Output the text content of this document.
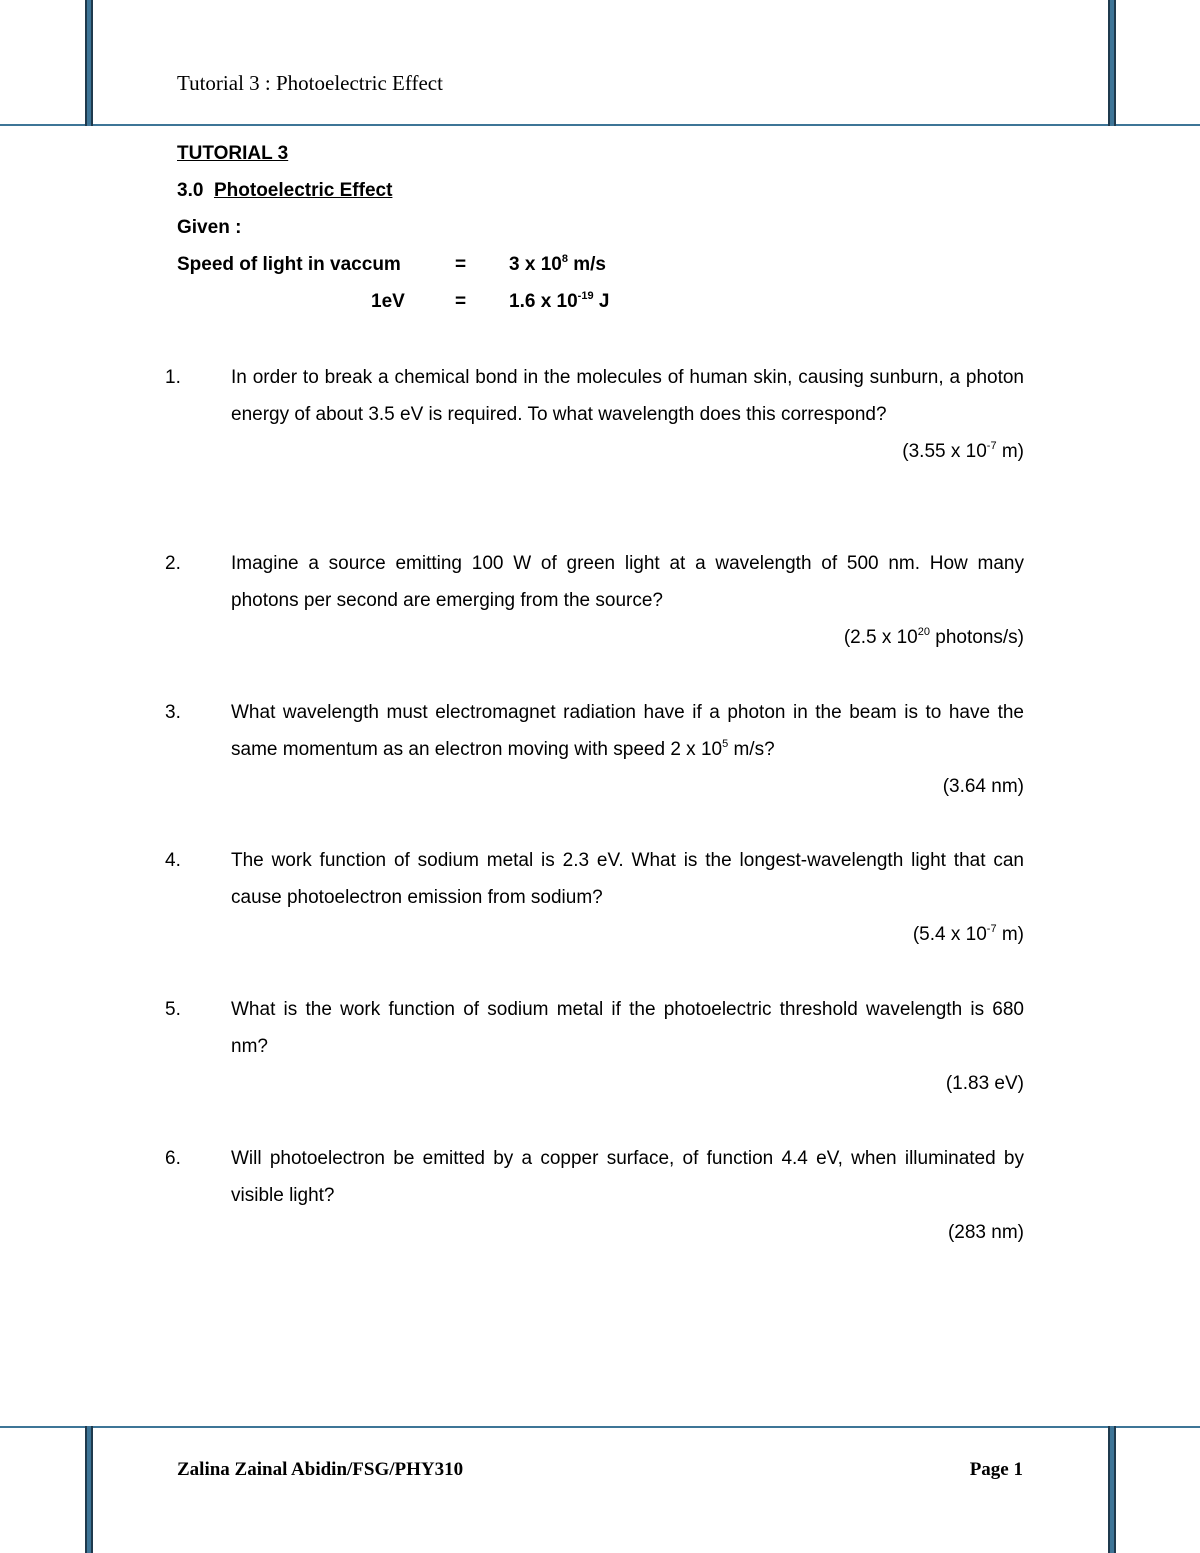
Tutorial 3 : Photoelectric Effect
TUTORIAL 3
3.0 Photoelectric Effect
Given :
Speed of light in vaccum	= 3 x $10^8$ m/s
1eV	= 1.6 x $10^{-19}$ J
1.	In order to break a chemical bond in the molecules of human skin, causing sunburn, a photon energy of about 3.5 eV is required. To what wavelength does this correspond?
(3.55 x $10^{-7}$ m)
2.	Imagine a source emitting 100 W of green light at a wavelength of 500 nm. How many photons per second are emerging from the source?
(2.5 x $10^{20}$ photons/s)
3.	What wavelength must electromagnet radiation have if a photon in the beam is to have the same momentum as an electron moving with speed 2 x $10^5$ m/s?
(3.64 nm)
4.	The work function of sodium metal is 2.3 eV. What is the longest-wavelength light that can cause photoelectron emission from sodium?
(5.4 x $10^{-7}$ m)
5.	What is the work function of sodium metal if the photoelectric threshold wavelength is 680 nm?
(1.83 eV)
6.	Will photoelectron be emitted by a copper surface, of function 4.4 eV, when illuminated by visible light?
(283 nm)
Zalina Zainal Abidin/FSG/PHY310	Page 1
